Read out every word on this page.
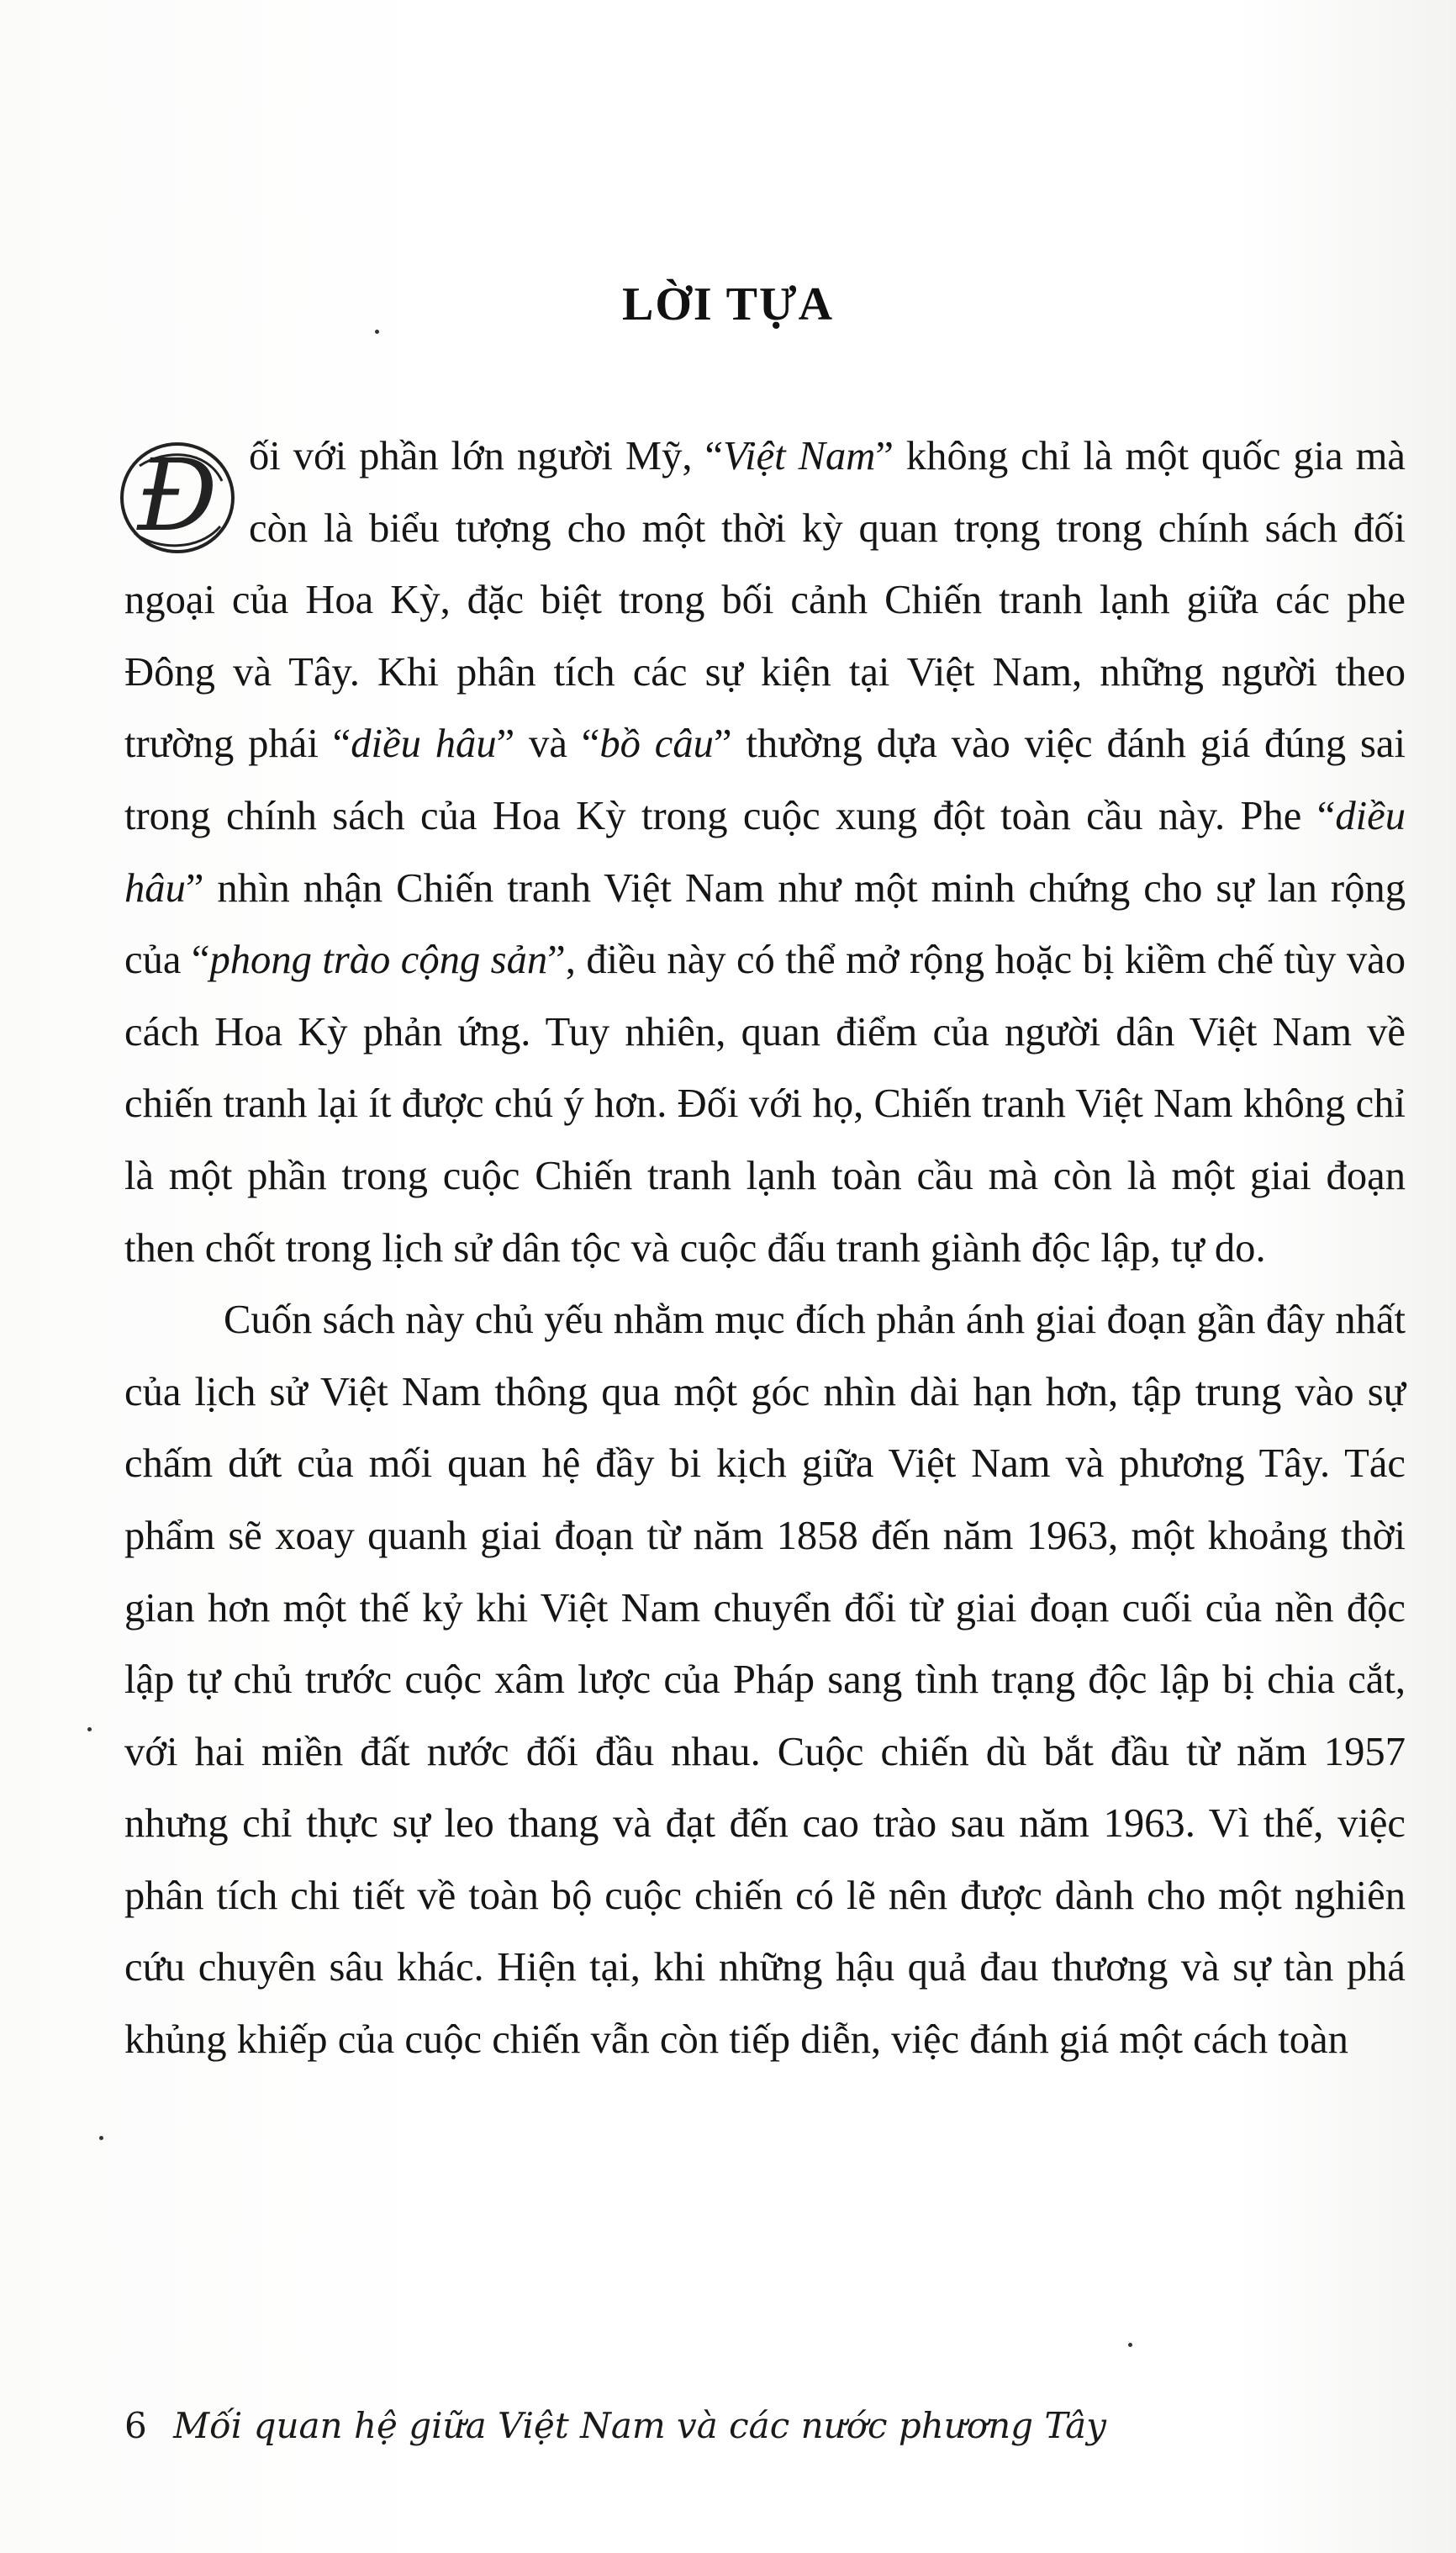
LỜI TỰA

Đ ối với phần lớn người Mỹ, “Việt Nam” không chỉ là một quốc gia mà còn là biểu tượng cho một thời kỳ quan trọng trong chính sách đối ngoại của Hoa Kỳ, đặc biệt trong bối cảnh Chiến tranh lạnh giữa các phe Đông và Tây. Khi phân tích các sự kiện tại Việt Nam, những người theo trường phái “diều hâu” và “bồ câu” thường dựa vào việc đánh giá đúng sai trong chính sách của Hoa Kỳ trong cuộc xung đột toàn cầu này. Phe “diều hâu” nhìn nhận Chiến tranh Việt Nam như một minh chứng cho sự lan rộng của “phong trào cộng sản”, điều này có thể mở rộng hoặc bị kiềm chế tùy vào cách Hoa Kỳ phản ứng. Tuy nhiên, quan điểm của người dân Việt Nam về chiến tranh lại ít được chú ý hơn. Đối với họ, Chiến tranh Việt Nam không chỉ là một phần trong cuộc Chiến tranh lạnh toàn cầu mà còn là một giai đoạn then chốt trong lịch sử dân tộc và cuộc đấu tranh giành độc lập, tự do.

Cuốn sách này chủ yếu nhằm mục đích phản ánh giai đoạn gần đây nhất của lịch sử Việt Nam thông qua một góc nhìn dài hạn hơn, tập trung vào sự chấm dứt của mối quan hệ đầy bi kịch giữa Việt Nam và phương Tây. Tác phẩm sẽ xoay quanh giai đoạn từ năm 1858 đến năm 1963, một khoảng thời gian hơn một thế kỷ khi Việt Nam chuyển đổi từ giai đoạn cuối của nền độc lập tự chủ trước cuộc xâm lược của Pháp sang tình trạng độc lập bị chia cắt, với hai miền đất nước đối đầu nhau. Cuộc chiến dù bắt đầu từ năm 1957 nhưng chỉ thực sự leo thang và đạt đến cao trào sau năm 1963. Vì thế, việc phân tích chi tiết về toàn bộ cuộc chiến có lẽ nên được dành cho một nghiên cứu chuyên sâu khác. Hiện tại, khi những hậu quả đau thương và sự tàn phá khủng khiếp của cuộc chiến vẫn còn tiếp diễn, việc đánh giá một cách toàn

6 Mối quan hệ giữa Việt Nam và các nước phương Tây
